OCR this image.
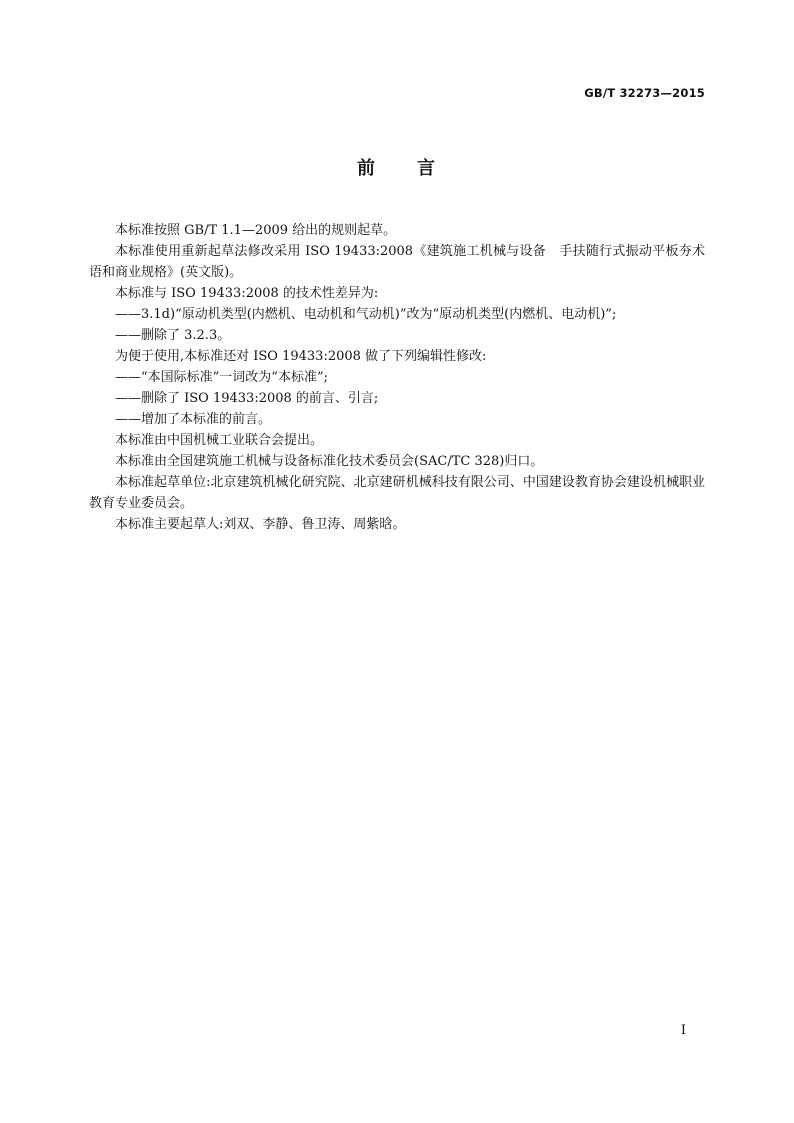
GB/T 32273—2015
前　　言

本标准按照 GB/T 1.1—2009 给出的规则起草。

本标准使用重新起草法修改采用 ISO 19433:2008《建筑施工机械与设备　手扶随行式振动平板夯术语和商业规格》(英文版)。

本标准与 ISO 19433:2008 的技术性差异为:

——3.1d)“原动机类型(内燃机、电动机和气动机)”改为“原动机类型(内燃机、电动机)”;

——删除了 3.2.3。

为便于使用,本标准还对 ISO 19433:2008 做了下列编辑性修改:

——“本国际标准”一词改为“本标准”;

——删除了 ISO 19433:2008 的前言、引言;

——增加了本标准的前言。

本标准由中国机械工业联合会提出。

本标准由全国建筑施工机械与设备标准化技术委员会(SAC/TC 328)归口。

本标准起草单位:北京建筑机械化研究院、北京建研机械科技有限公司、中国建设教育协会建设机械职业教育专业委员会。

本标准主要起草人:刘双、李静、鲁卫涛、周紫晗。

I
